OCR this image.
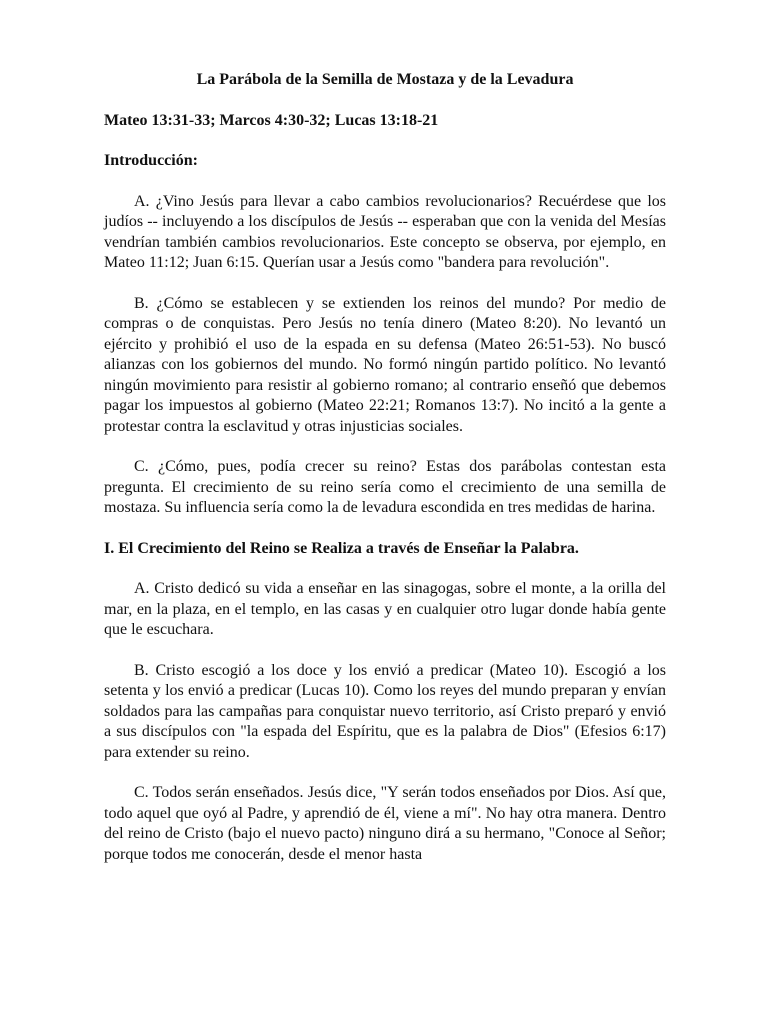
La Parábola de la Semilla de Mostaza y de la Levadura
Mateo 13:31-33; Marcos 4:30-32; Lucas 13:18-21
Introducción:

A. ¿Vino Jesús para llevar a cabo cambios revolucionarios? Recuérdese que los judíos -- incluyendo a los discípulos de Jesús -- esperaban que con la venida del Mesías vendrían también cambios revolucionarios. Este concepto se observa, por ejemplo, en Mateo 11:12; Juan 6:15. Querían usar a Jesús como "bandera para revolución".

B. ¿Cómo se establecen y se extienden los reinos del mundo? Por medio de compras o de conquistas. Pero Jesús no tenía dinero (Mateo 8:20). No levantó un ejército y prohibió el uso de la espada en su defensa (Mateo 26:51-53). No buscó alianzas con los gobiernos del mundo. No formó ningún partido político. No levantó ningún movimiento para resistir al gobierno romano; al contrario enseñó que debemos pagar los impuestos al gobierno (Mateo 22:21; Romanos 13:7). No incitó a la gente a protestar contra la esclavitud y otras injusticias sociales.

C. ¿Cómo, pues, podía crecer su reino? Estas dos parábolas contestan esta pregunta. El crecimiento de su reino sería como el crecimiento de una semilla de mostaza. Su influencia sería como la de levadura escondida en tres medidas de harina.

I. El Crecimiento del Reino se Realiza a través de Enseñar la Palabra.

A. Cristo dedicó su vida a enseñar en las sinagogas, sobre el monte, a la orilla del mar, en la plaza, en el templo, en las casas y en cualquier otro lugar donde había gente que le escuchara.

B. Cristo escogió a los doce y los envió a predicar (Mateo 10). Escogió a los setenta y los envió a predicar (Lucas 10). Como los reyes del mundo preparan y envían soldados para las campañas para conquistar nuevo territorio, así Cristo preparó y envió a sus discípulos con "la espada del Espíritu, que es la palabra de Dios" (Efesios 6:17) para extender su reino.

C. Todos serán enseñados. Jesús dice, "Y serán todos enseñados por Dios. Así que, todo aquel que oyó al Padre, y aprendió de él, viene a mí". No hay otra manera. Dentro del reino de Cristo (bajo el nuevo pacto) ninguno dirá a su hermano, "Conoce al Señor; porque todos me conocerán, desde el menor hasta
